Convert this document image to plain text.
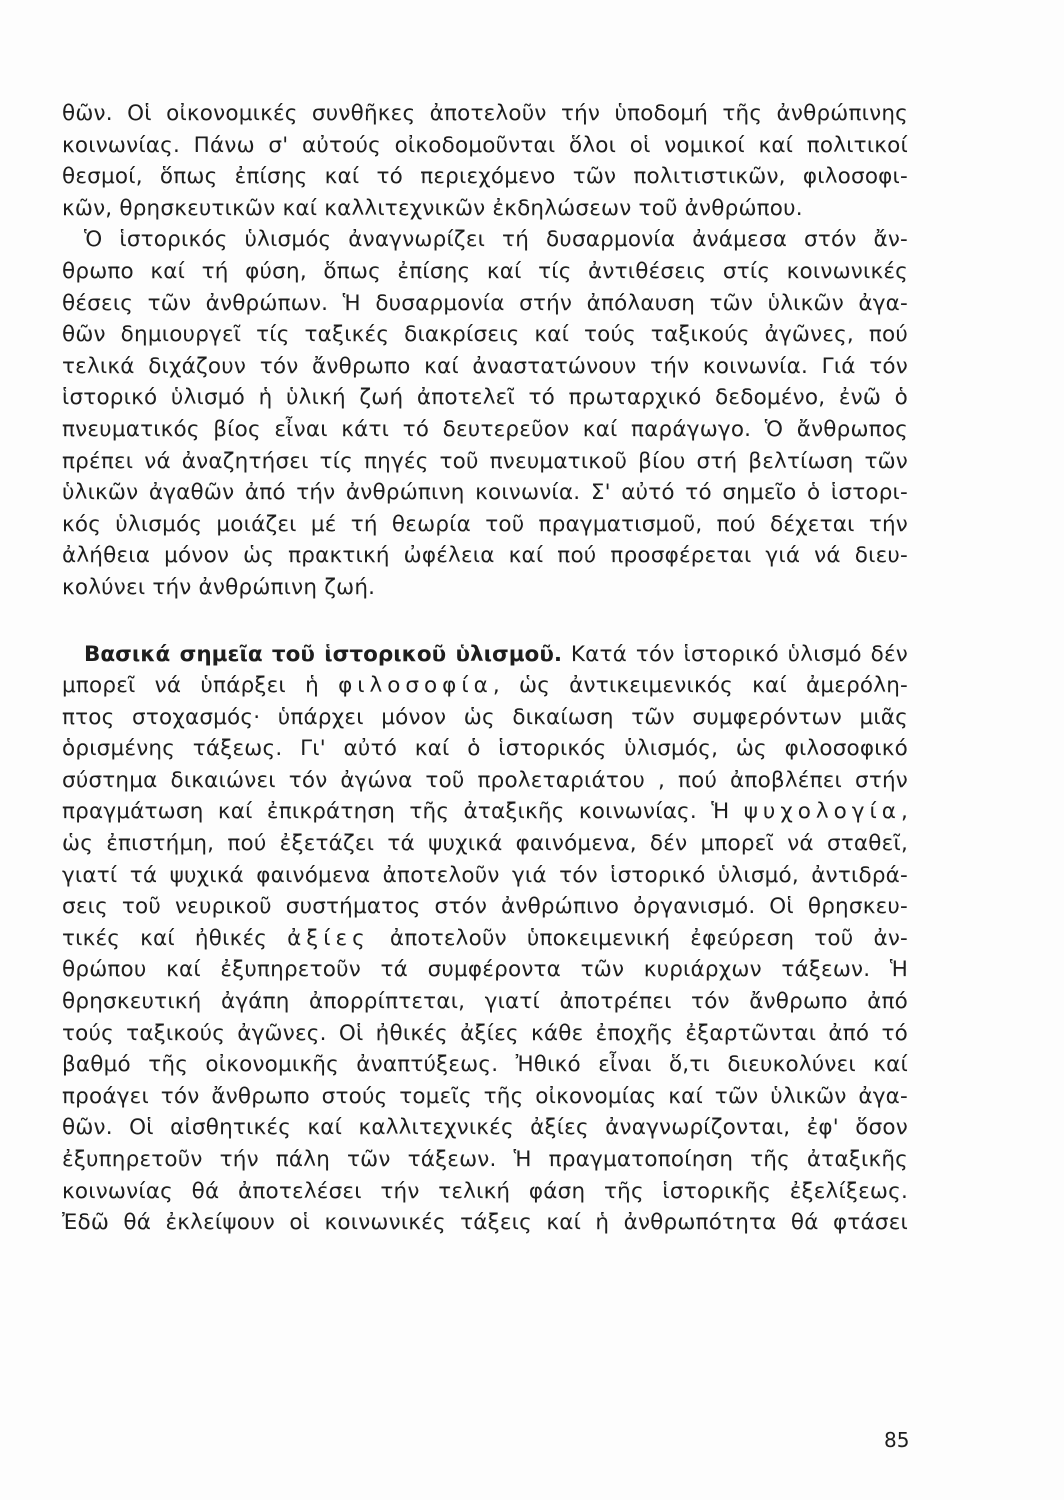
θῶν. Οἱ οἰκονομικές συνθῆκες ἀποτελοῦν τήν ὑποδομή τῆς ἀνθρώπινης
κοινωνίας. Πάνω σ' αὐτούς οἰκοδομοῦνται ὅλοι οἱ νομικοί καί πολιτικοί
θεσμοί, ὅπως ἐπίσης καί τό περιεχόμενο τῶν πολιτιστικῶν, φιλοσοφι-
κῶν, θρησκευτικῶν καί καλλιτεχνικῶν ἐκδηλώσεων τοῦ ἀνθρώπου.
Ὁ ἱστορικός ὑλισμός ἀναγνωρίζει τή δυσαρμονία ἀνάμεσα στόν ἄν-
θρωπο καί τή φύση, ὅπως ἐπίσης καί τίς ἀντιθέσεις στίς κοινωνικές
θέσεις τῶν ἀνθρώπων. Ἡ δυσαρμονία στήν ἀπόλαυση τῶν ὑλικῶν ἀγα-
θῶν δημιουργεῖ τίς ταξικές διακρίσεις καί τούς ταξικούς ἀγῶνες, πού
τελικά διχάζουν τόν ἄνθρωπο καί ἀναστατώνουν τήν κοινωνία. Γιά τόν
ἱστορικό ὑλισμό ἡ ὑλική ζωή ἀποτελεῖ τό πρωταρχικό δεδομένο, ἐνῶ ὁ
πνευματικός βίος εἶναι κάτι τό δευτερεῦον καί παράγωγο. Ὁ ἄνθρωπος
πρέπει νά ἀναζητήσει τίς πηγές τοῦ πνευματικοῦ βίου στή βελτίωση τῶν
ὑλικῶν ἀγαθῶν ἀπό τήν ἀνθρώπινη κοινωνία. Σ' αὐτό τό σημεῖο ὁ ἱστορι-
κός ὑλισμός μοιάζει μέ τή θεωρία τοῦ πραγματισμοῦ, πού δέχεται τήν
ἀλήθεια μόνον ὡς πρακτική ὠφέλεια καί πού προσφέρεται γιά νά διευ-
κολύνει τήν ἀνθρώπινη ζωή.
Βασικά σημεῖα τοῦ ἱστορικοῦ ὑλισμοῦ. Κατά τόν ἱστορικό ὑλισμό δέν
μπορεῖ νά ὑπάρξει ἡ φιλοσοφία, ὡς ἀντικειμενικός καί ἀμερόλη-
πτος στοχασμός· ὑπάρχει μόνον ὡς δικαίωση τῶν συμφερόντων μιᾶς
ὁρισμένης τάξεως. Γι' αὐτό καί ὁ ἱστορικός ὑλισμός, ὡς φιλοσοφικό
σύστημα δικαιώνει τόν ἀγώνα τοῦ προλεταριάτου , πού ἀποβλέπει στήν
πραγμάτωση καί ἐπικράτηση τῆς ἀταξικῆς κοινωνίας. Ἡ ψυχολογία,
ὡς ἐπιστήμη, πού ἐξετάζει τά ψυχικά φαινόμενα, δέν μπορεῖ νά σταθεῖ,
γιατί τά ψυχικά φαινόμενα ἀποτελοῦν γιά τόν ἱστορικό ὑλισμό, ἀντιδρά-
σεις τοῦ νευρικοῦ συστήματος στόν ἀνθρώπινο ὀργανισμό. Οἱ θρησκευ-
τικές καί ἠθικές ἀξίες ἀποτελοῦν ὑποκειμενική ἐφεύρεση τοῦ ἀν-
θρώπου καί ἐξυπηρετοῦν τά συμφέροντα τῶν κυριάρχων τάξεων. Ἡ
θρησκευτική ἀγάπη ἀπορρίπτεται, γιατί ἀποτρέπει τόν ἄνθρωπο ἀπό
τούς ταξικούς ἀγῶνες. Οἱ ἠθικές ἀξίες κάθε ἐποχῆς ἐξαρτῶνται ἀπό τό
βαθμό τῆς οἰκονομικῆς ἀναπτύξεως. Ἠθικό εἶναι ὅ,τι διευκολύνει καί
προάγει τόν ἄνθρωπο στούς τομεῖς τῆς οἰκονομίας καί τῶν ὑλικῶν ἀγα-
θῶν. Οἱ αἰσθητικές καί καλλιτεχνικές ἀξίες ἀναγνωρίζονται, ἐφ' ὅσον
ἐξυπηρετοῦν τήν πάλη τῶν τάξεων. Ἡ πραγματοποίηση τῆς ἀταξικῆς
κοινωνίας θά ἀποτελέσει τήν τελική φάση τῆς ἱστορικῆς ἐξελίξεως.
Ἐδῶ θά ἐκλείψουν οἱ κοινωνικές τάξεις καί ἡ ἀνθρωπότητα θά φτάσει
85
